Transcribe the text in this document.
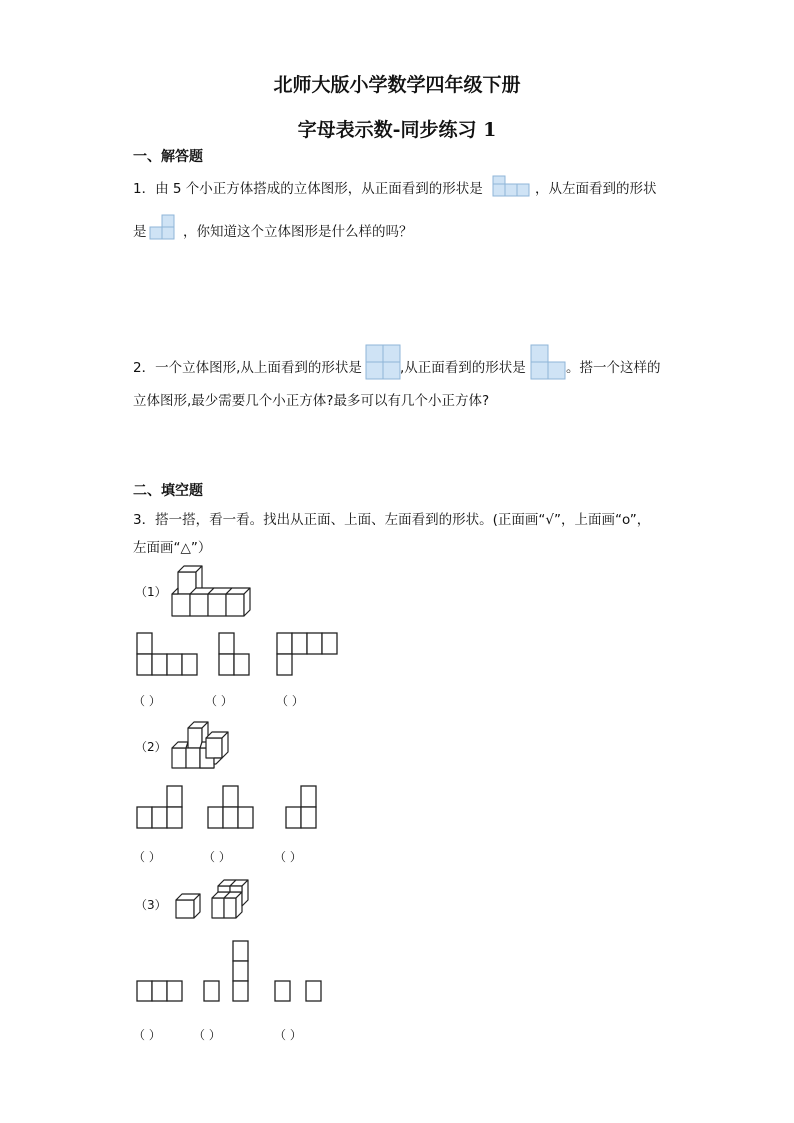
北师大版小学数学四年级下册
字母表示数-同步练习 1
一、解答题
1．由 5 个小正方体搭成的立体图形，从正面看到的形状是	，从左面看到的形状
是	，你知道这个立体图形是什么样的吗？
2．一个立体图形,从上面看到的形状是	,从正面看到的形状是	。搭一个这样的
立体图形,最少需要几个小正方体?最多可以有几个小正方体?
二、填空题
3．搭一搭，看一看。找出从正面、上面、左面看到的形状。(正面画“√”，上面画“o”，
左面画“△”）
（1）
（ ）	（ ）	（ ）
（2）
（ ）	（ ）	（ ）
（3）
（ ）	（ ）	（ ）
